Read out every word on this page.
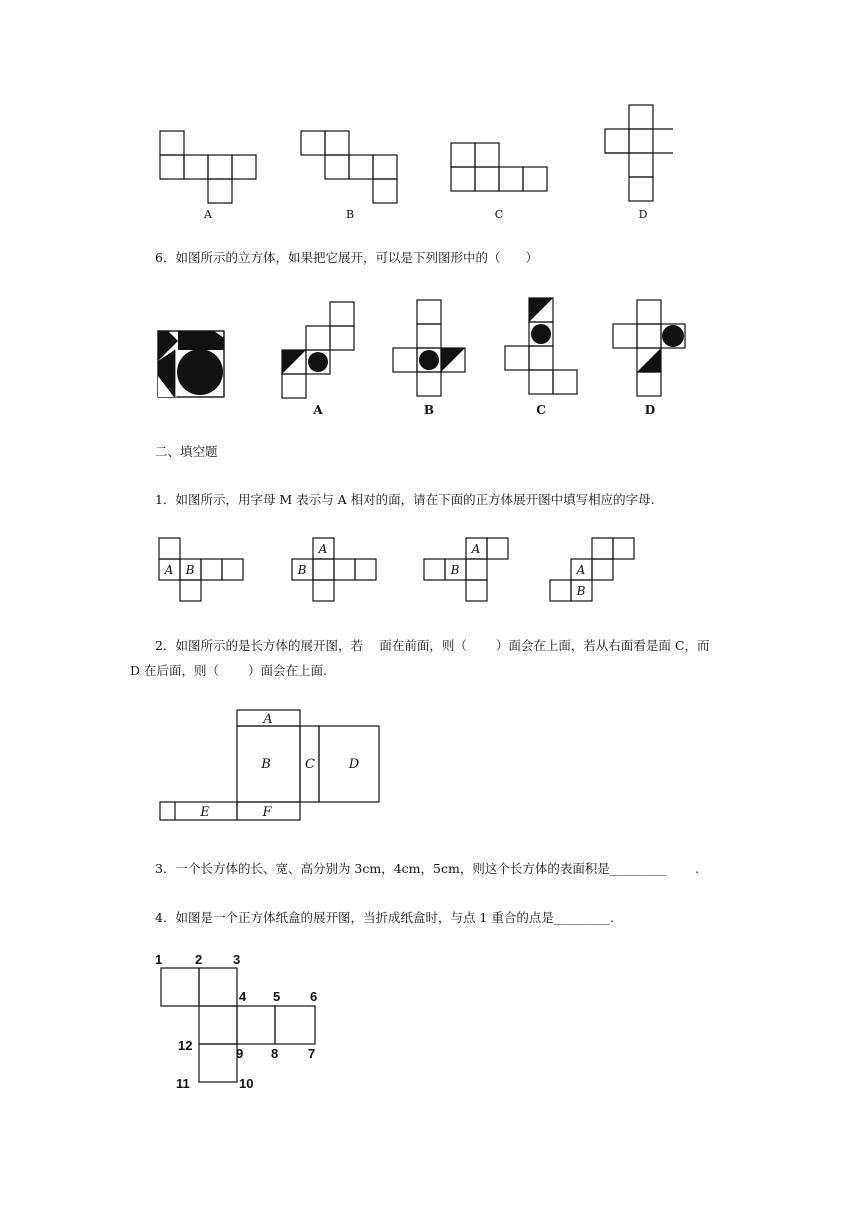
A	B	C	D
6．如图所示的立方体，如果把它展开，可以是下列图形中的（　　）
A	B	C	D
二、填空题
1．如图所示，用字母 M 表示与 A 相对的面，请在下面的正方体展开图中填写相应的字母.
A B
A
B
A
B	A
B
2．如图所示的是长方体的展开图，若　 面在前面，则（　　 ）面会在上面，若从右面看是面 C，而
D 在后面，则（　　 ）面会在上面.
A
B	C	D
E	F
3．一个长方体的长、宽、高分别为 3cm，4cm，5cm，则这个长方体的表面积是_________　　 .
4．如图是一个正方体纸盒的展开图，当折成纸盒时，与点 1 重合的点是_________.
1	2 3
4 5 6
7
8
9
10
11
12
